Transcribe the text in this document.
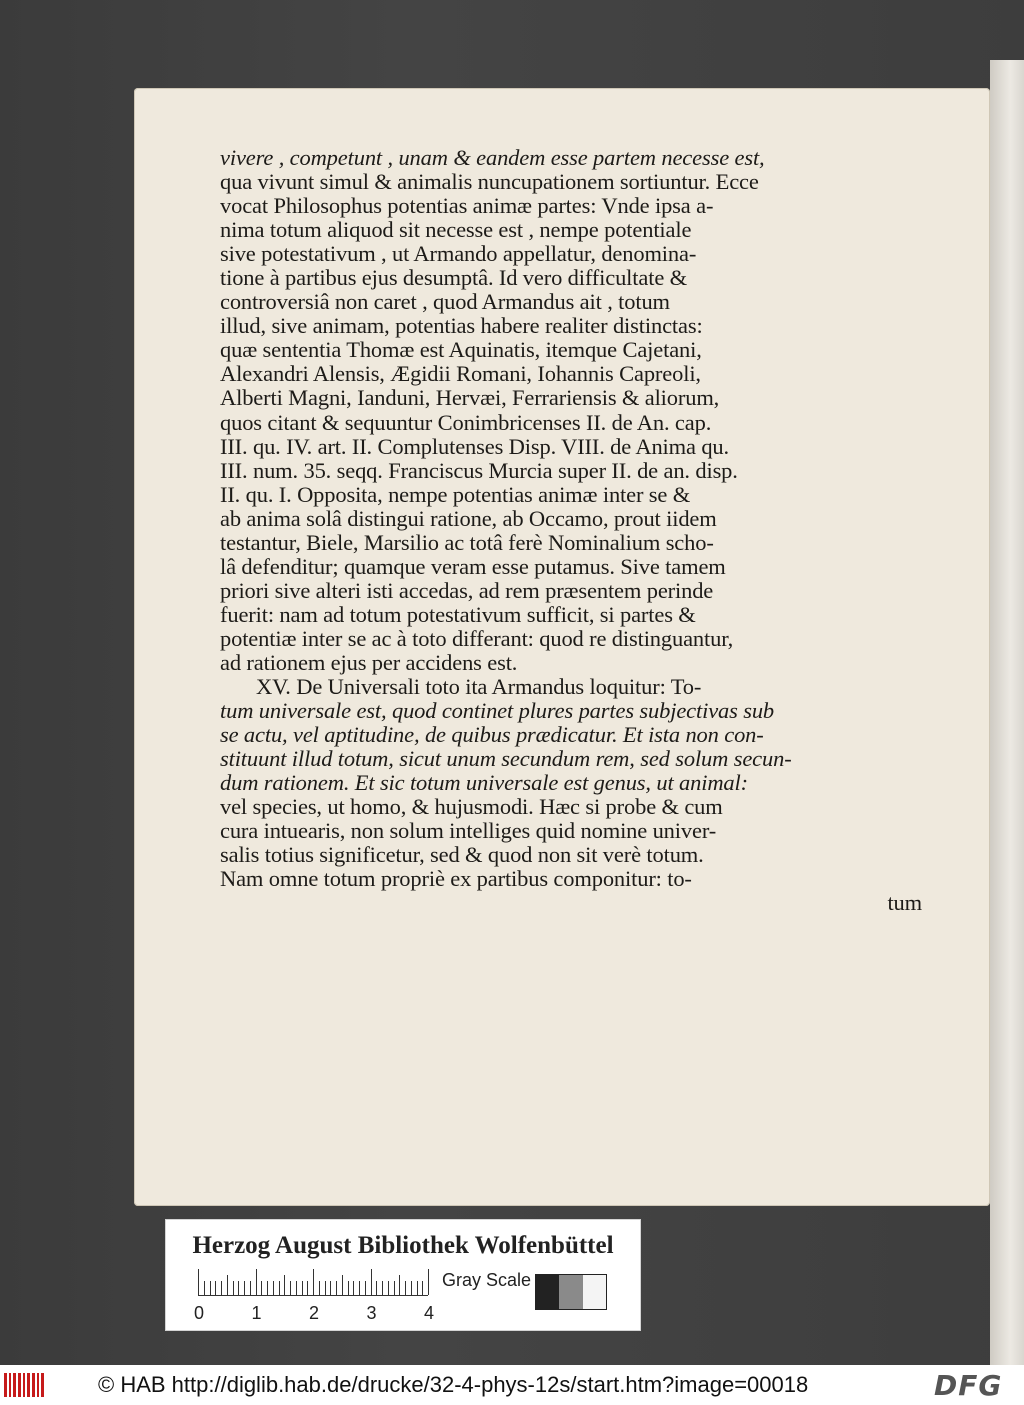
vivere , competunt , unam & eandem esse partem necesse est,
qua vivunt simul & animalis nuncupationem sortiuntur. Ecce
vocat Philosophus potentias animæ partes: Vnde ipsa a-
nima totum aliquod sit necesse est , nempe potentiale
sive potestativum , ut Armando appellatur, denomina-
tione à partibus ejus desumptâ. Id vero difficultate &
controversiâ non caret , quod Armandus ait , totum
illud, sive animam, potentias habere realiter distinctas:
quæ sententia Thomæ est Aquinatis, itemque Cajetani,
Alexandri Alensis, Ægidii Romani, Iohannis Capreoli,
Alberti Magni, Ianduni, Hervæi, Ferrariensis & aliorum,
quos citant & sequuntur Conimbricenses II. de An. cap.
III. qu. IV. art. II. Complutenses Disp. VIII. de Anima qu.
III. num. 35. seqq. Franciscus Murcia super II. de an. disp.
II. qu. I. Opposita, nempe potentias animæ inter se &
ab anima solâ distingui ratione, ab Occamo, prout iidem
testantur, Biele, Marsilio ac totâ ferè Nominalium scho-
lâ defenditur; quamque veram esse putamus. Sive tamem
priori sive alteri isti accedas, ad rem præsentem perinde
fuerit: nam ad totum potestativum sufficit, si partes &
potentiæ inter se ac à toto differant: quod re distinguantur,
ad rationem ejus per accidens est.
XV. De Universali toto ita Armandus loquitur: To-
tum universale est, quod continet plures partes subjectivas sub
se actu, vel aptitudine, de quibus prædicatur. Et ista non con-
stituunt illud totum, sicut unum secundum rem, sed solum secun-
dum rationem. Et sic totum universale est genus, ut animal:
vel species, ut homo, & hujusmodi. Hæc si probe & cum
cura intuearis, non solum intelliges quid nomine univer-
salis totius significetur, sed & quod non sit verè totum.
Nam omne totum propriè ex partibus componitur: to-
tum
Herzog August Bibliothek Wolfenbüttel
0	1	2	3	4
Gray Scale
© HAB http://diglib.hab.de/drucke/32-4-phys-12s/start.htm?image=00018	DFG
